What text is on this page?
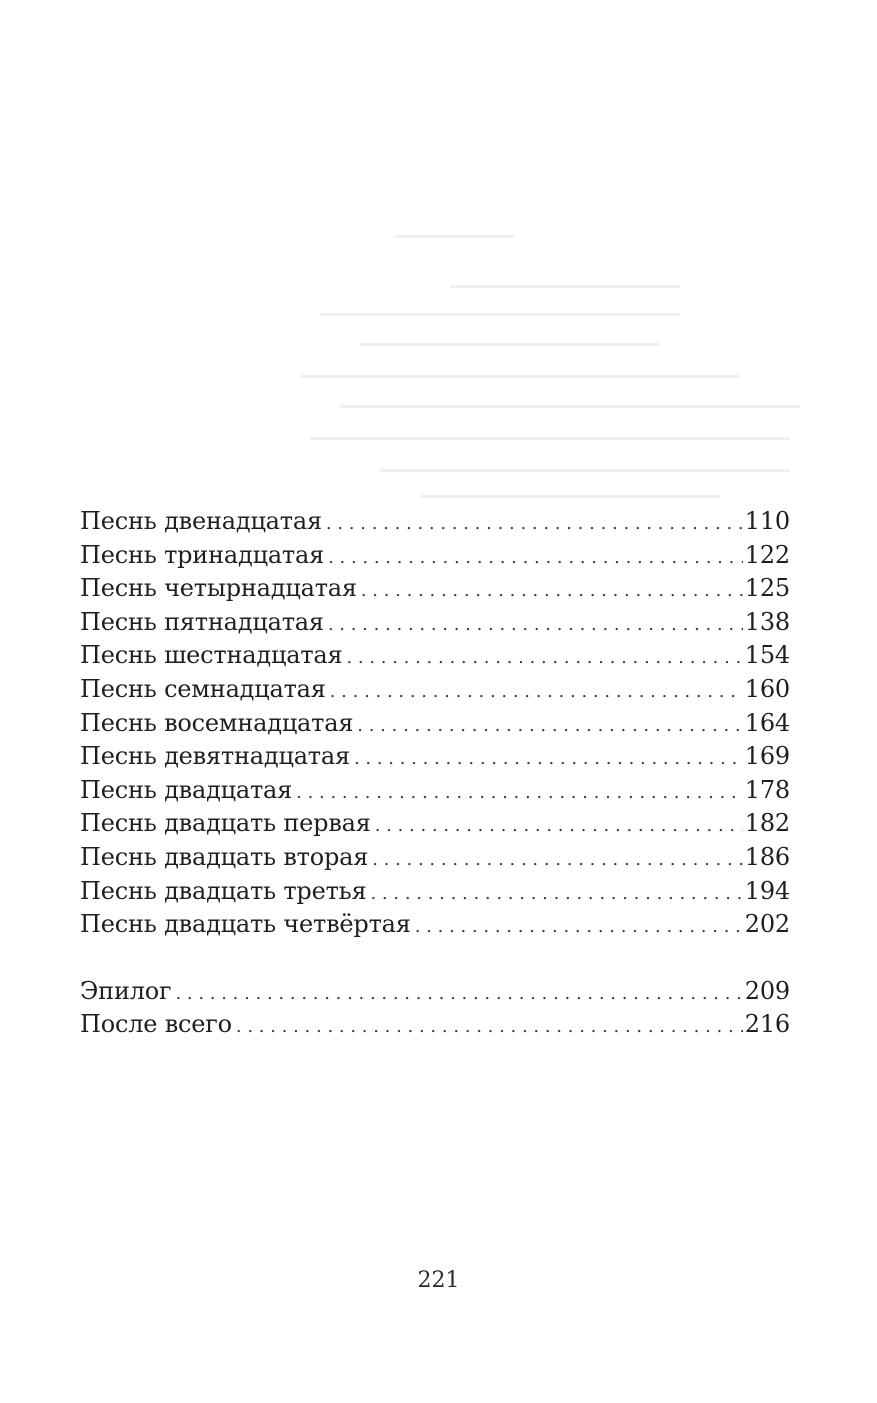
Песнь двенадцатая . . .	110
Песнь тринадцатая . . .	122
Песнь четырнадцатая . . .	125
Песнь пятнадцатая . . .	138
Песнь шестнадцатая . . .	154
Песнь семнадцатая . . .	160
Песнь восемнадцатая . . .	164
Песнь девятнадцатая . . .	169
Песнь двадцатая . . .	178
Песнь двадцать первая . . .	182
Песнь двадцать вторая . . .	186
Песнь двадцать третья . . .	194
Песнь двадцать четвёртая . . .	202
Эпилог . . .	209
После всего . . .	216
221
